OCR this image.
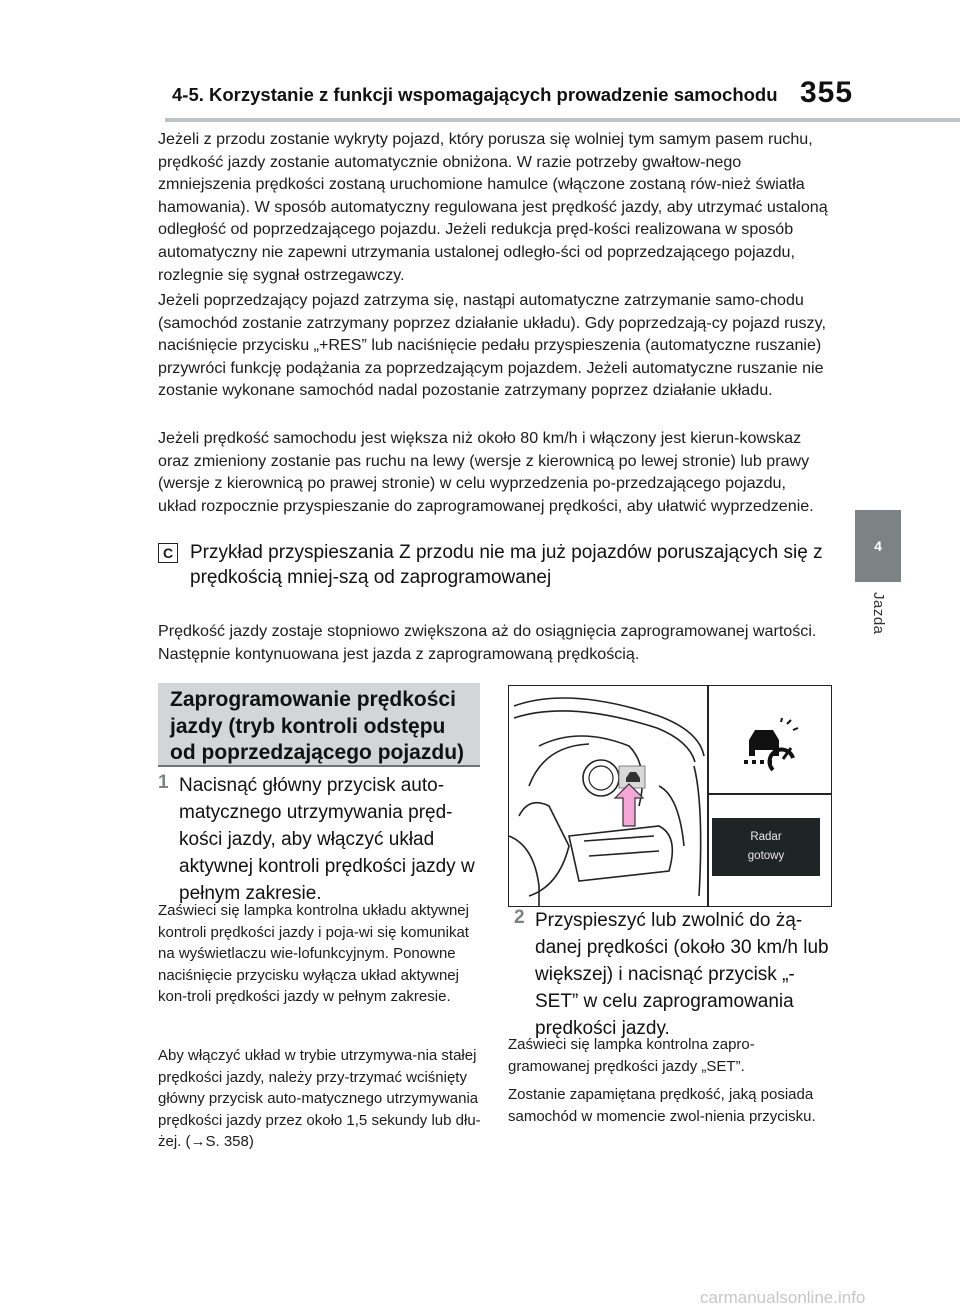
4-5. Korzystanie z funkcji wspomagających prowadzenie samochodu 355
4
Jazda

Jeżeli z przodu zostanie wykryty pojazd, który porusza się wolniej tym samym pasem ruchu, prędkość jazdy zostanie automatycznie obniżona. W razie potrzeby gwałtow-nego zmniejszenia prędkości zostaną uruchomione hamulce (włączone zostaną rów-nież światła hamowania). W sposób automatyczny regulowana jest prędkość jazdy, aby utrzymać ustaloną odległość od poprzedzającego pojazdu. Jeżeli redukcja pręd-kości realizowana w sposób automatyczny nie zapewni utrzymania ustalonej odległo-ści od poprzedzającego pojazdu, rozlegnie się sygnał ostrzegawczy.

Jeżeli poprzedzający pojazd zatrzyma się, nastąpi automatyczne zatrzymanie samo-chodu (samochód zostanie zatrzymany poprzez działanie układu). Gdy poprzedzają-cy pojazd ruszy, naciśnięcie przycisku „+RES” lub naciśnięcie pedału przyspieszenia (automatyczne ruszanie) przywróci funkcję podążania za poprzedzającym pojazdem. Jeżeli automatyczne ruszanie nie zostanie wykonane samochód nadal pozostanie zatrzymany poprzez działanie układu.

Jeżeli prędkość samochodu jest większa niż około 80 km/h i włączony jest kierun-kowskaz oraz zmieniony zostanie pas ruchu na lewy (wersje z kierownicą po lewej stronie) lub prawy (wersje z kierownicą po prawej stronie) w celu wyprzedzenia po-przedzającego pojazdu, układ rozpocznie przyspieszanie do zaprogramowanej prędkości, aby ułatwić wyprzedzenie.

C Przykład przyspieszania Z przodu nie ma już pojazdów poruszających się z prędkością mniej-szą od zaprogramowanej

Prędkość jazdy zostaje stopniowo zwiększona aż do osiągnięcia zaprogramowanej wartości. Następnie kontynuowana jest jazda z zaprogramowaną prędkością.

Zaprogramowanie prędkości jazdy (tryb kontroli odstępu od poprzedzającego pojazdu)

1 Nacisnąć główny przycisk auto-matycznego utrzymywania pręd-kości jazdy, aby włączyć układ aktywnej kontroli prędkości jazdy w pełnym zakresie.

Zaświeci się lampka kontrolna układu aktywnej kontroli prędkości jazdy i poja-wi się komunikat na wyświetlaczu wie-lofunkcyjnym. Ponowne naciśnięcie przycisku wyłącza układ aktywnej kon-troli prędkości jazdy w pełnym zakresie.

Aby włączyć układ w trybie utrzymywa-nia stałej prędkości jazdy, należy przy-trzymać wciśnięty główny przycisk auto-matycznego utrzymywania prędkości jazdy przez około 1,5 sekundy lub dłu-żej. (→S. 358)

Radar
gotowy
2 Przyspieszyć lub zwolnić do żą-danej prędkości (około 30 km/h lub większej) i nacisnąć przycisk „-SET” w celu zaprogramowania prędkości jazdy.

Zaświeci się lampka kontrolna zapro-gramowanej prędkości jazdy „SET”.

Zostanie zapamiętana prędkość, jaką posiada samochód w momencie zwol-nienia przycisku.

carmanualsonline.info
